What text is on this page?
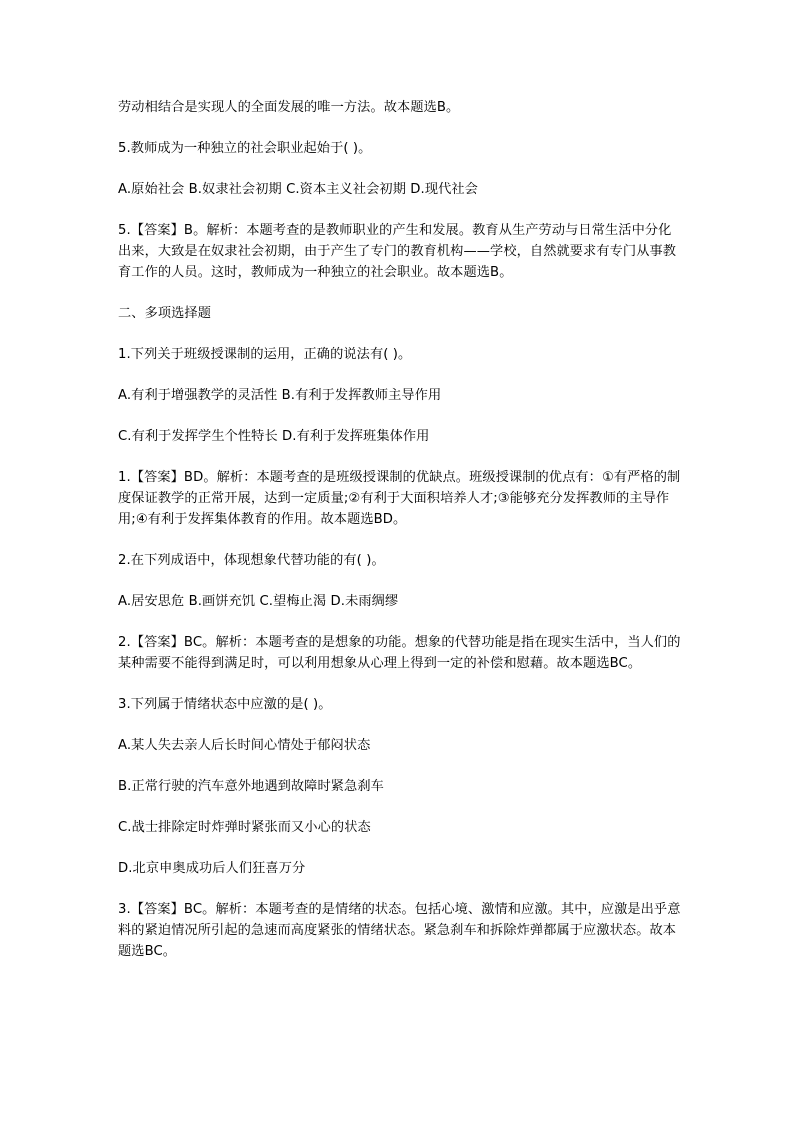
劳动相结合是实现人的全面发展的唯一方法。故本题选B。

5.教师成为一种独立的社会职业起始于( )。

A.原始社会 B.奴隶社会初期 C.资本主义社会初期 D.现代社会

5.【答案】B。解析：本题考查的是教师职业的产生和发展。教育从生产劳动与日常生活中分化出来，大致是在奴隶社会初期，由于产生了专门的教育机构——学校，自然就要求有专门从事教育工作的人员。这时，教师成为一种独立的社会职业。故本题选B。

二、多项选择题

1.下列关于班级授课制的运用，正确的说法有( )。

A.有利于增强教学的灵活性 B.有利于发挥教师主导作用

C.有利于发挥学生个性特长 D.有利于发挥班集体作用

1.【答案】BD。解析：本题考查的是班级授课制的优缺点。班级授课制的优点有：①有严格的制度保证教学的正常开展，达到一定质量;②有利于大面积培养人才;③能够充分发挥教师的主导作用;④有利于发挥集体教育的作用。故本题选BD。

2.在下列成语中，体现想象代替功能的有( )。

A.居安思危 B.画饼充饥 C.望梅止渴 D.未雨绸缪

2.【答案】BC。解析：本题考查的是想象的功能。想象的代替功能是指在现实生活中，当人们的某种需要不能得到满足时，可以利用想象从心理上得到一定的补偿和慰藉。故本题选BC。

3.下列属于情绪状态中应激的是( )。

A.某人失去亲人后长时间心情处于郁闷状态

B.正常行驶的汽车意外地遇到故障时紧急刹车

C.战士排除定时炸弹时紧张而又小心的状态

D.北京申奥成功后人们狂喜万分

3.【答案】BC。解析：本题考查的是情绪的状态。包括心境、激情和应激。其中，应激是出乎意料的紧迫情况所引起的急速而高度紧张的情绪状态。紧急刹车和拆除炸弹都属于应激状态。故本题选BC。
